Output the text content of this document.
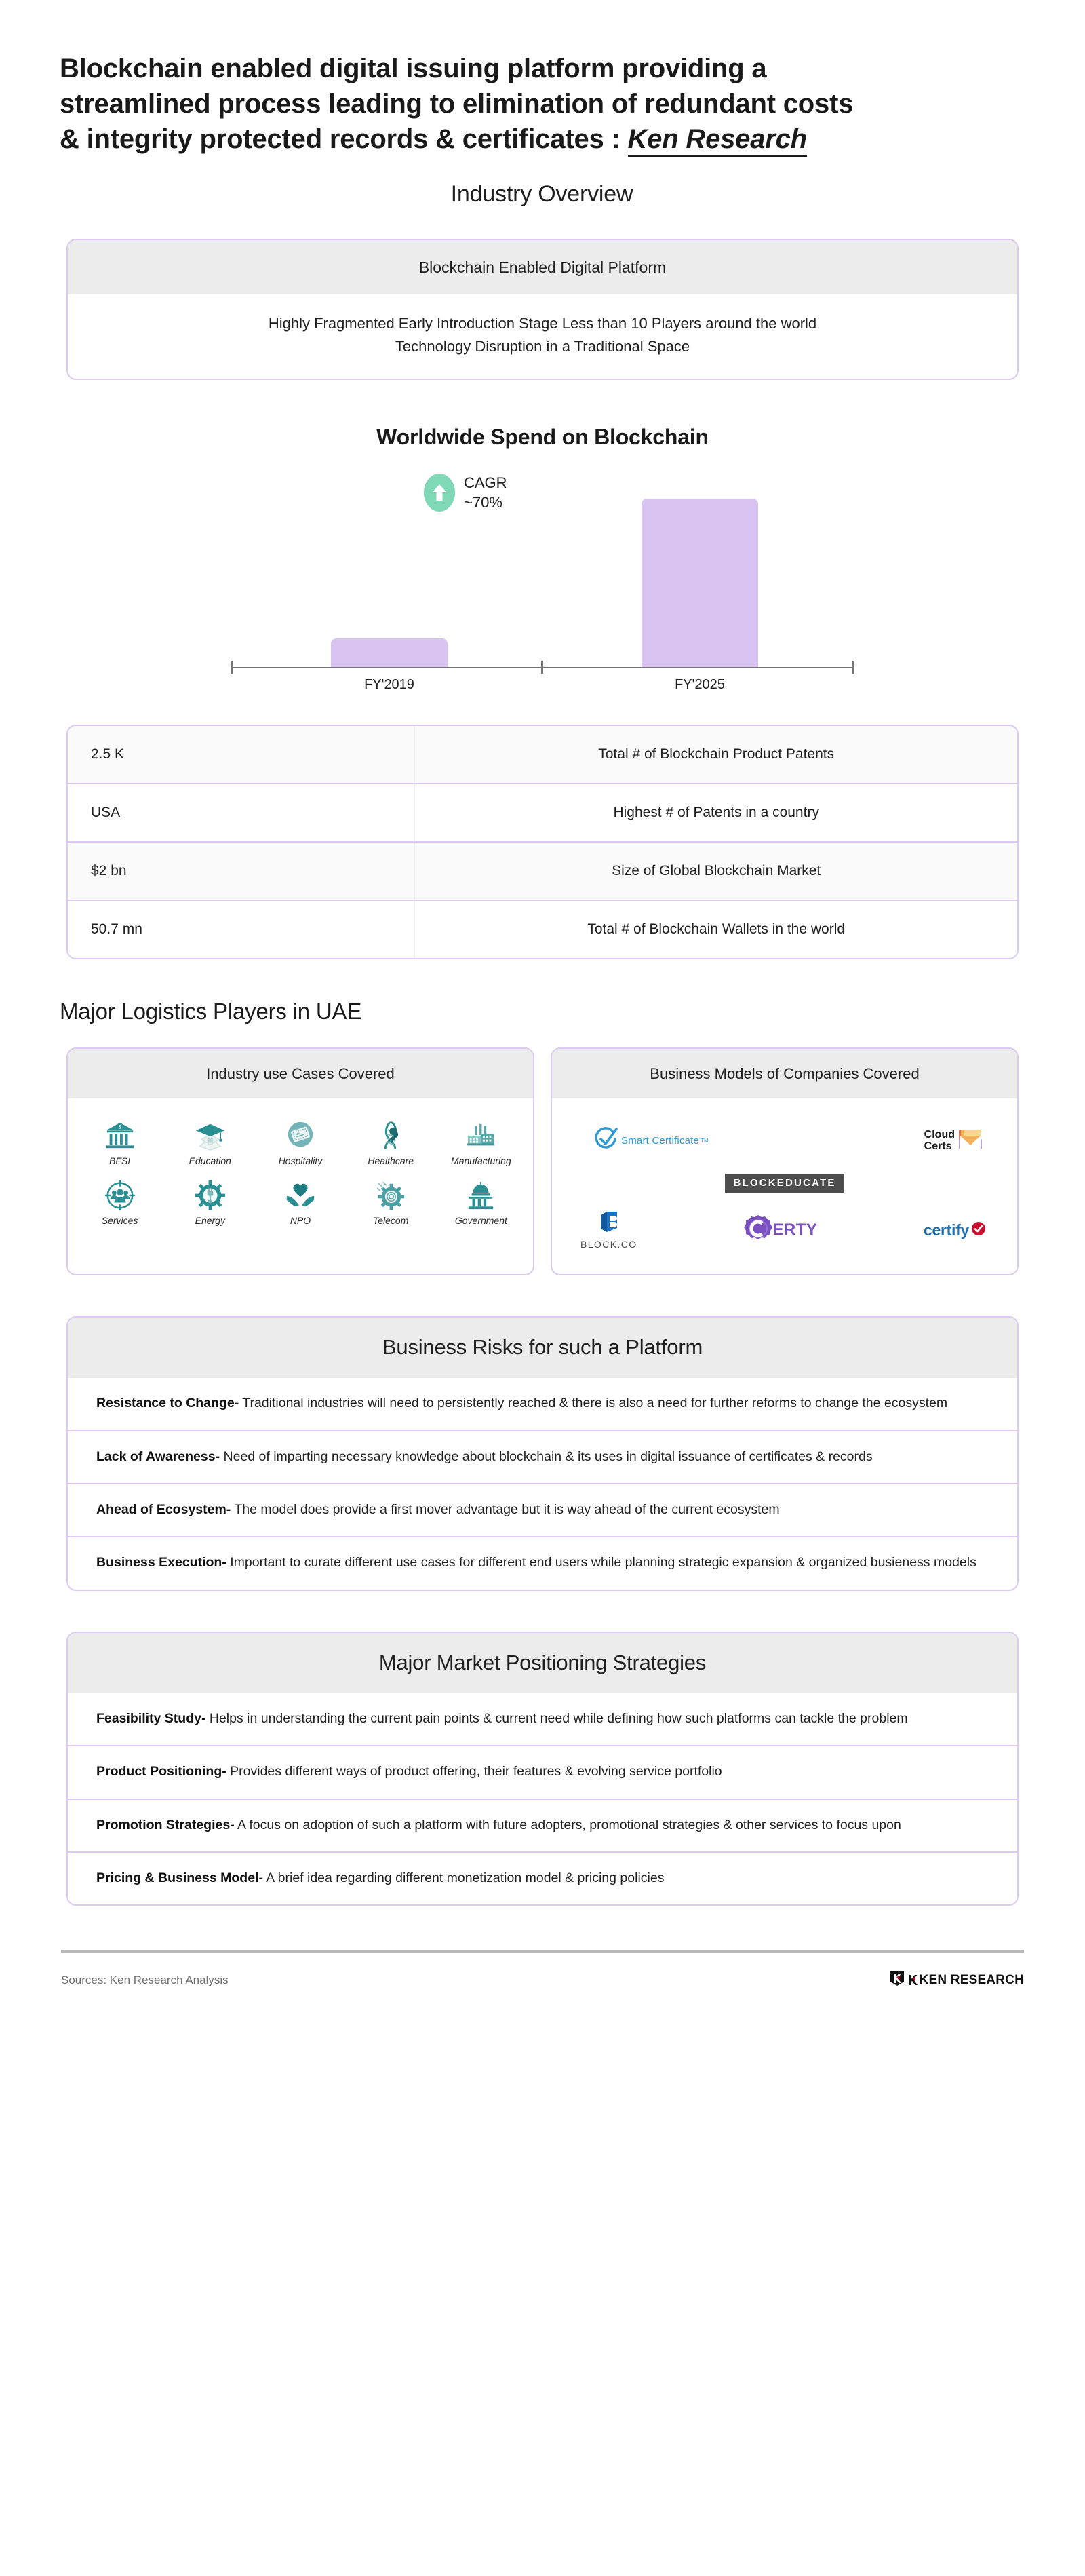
Blockchain enabled digital issuing platform providing a
streamlined process leading to elimination of redundant costs
& integrity protected records & certificates : Ken Research
Industry Overview
Blockchain Enabled Digital Platform
Highly Fragmented Early Introduction Stage Less than 10 Players around the world
Technology Disruption in a Traditional Space
Worldwide Spend on Blockchain
CAGR
~70%
FY'2019	FY'2025
2.5 K	Total # of Blockchain Product Patents
USA	Highest # of Patents in a country
$2 bn	Size of Global Blockchain Market
50.7 mn	Total # of Blockchain Wallets in the world
Major Logistics Players in UAE
Industry use Cases Covered
$
BFSI	Education	Hospitality	Healthcare	Manufacturing
Services	Energy	NPO	Telecom	Government
Business Models of Companies Covered
Smart Certificate TM
Cloud
Certs
BLOCKEDUCATE
BLOCK.CO
ERTY	certify
Business Risks for such a Platform
Resistance to Change- Traditional industries will need to persistently reached & there is also a need for further reforms to change the ecosystem
Lack of Awareness- Need of imparting necessary knowledge about blockchain & its uses in digital issuance of certificates & records
Ahead of Ecosystem- The model does provide a first mover advantage but it is way ahead of the current ecosystem
Business Execution- Important to curate different use cases for different end users while planning strategic expansion & organized busieness models
Major Market Positioning Strategies
Feasibility Study- Helps in understanding the current pain points & current need while defining how such platforms can tackle the problem
Product Positioning- Provides different ways of product offering, their features & evolving service portfolio
Promotion Strategies- A focus on adoption of such a platform with future adopters, promotional strategies & other services to focus upon
Pricing & Business Model- A brief idea regarding different monetization model & pricing policies
Sources: Ken Research Analysis	KEN RESEARCH
